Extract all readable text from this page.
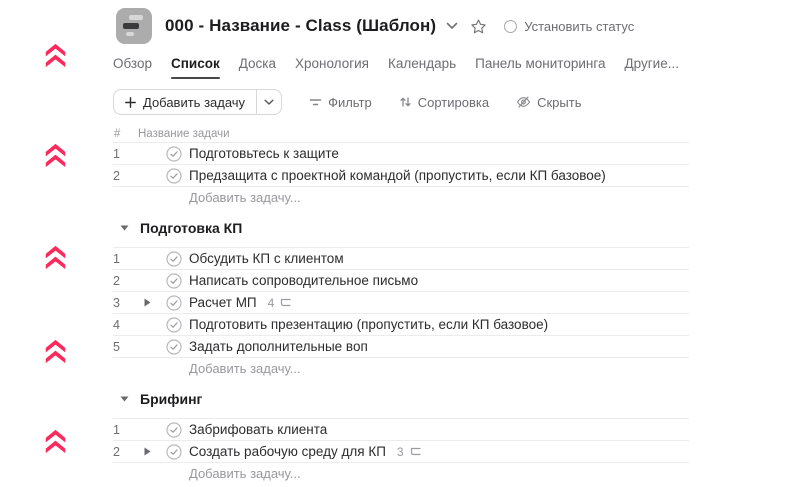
000 - Название - Class (Шаблон)	Установить статус
Обзор Список Доска Хронология Календарь Панель мониторинга Другие...
Добавить задачу	Фильтр	Сортировка	Скрыть
#	Название задачи
1	Подготовьтесь к защите
2	Предзащита с проектной командой (пропустить, если КП базовое)
Добавить задачу...
Подготовка КП
1	Обсудить КП с клиентом
2	Написать сопроводительное письмо
3	Расчет МП 4
4	Подготовить презентацию (пропустить, если КП базовое)
5	Задать дополнительные воп
Добавить задачу...
Брифинг
1	Забрифовать клиента
2	Создать рабочую среду для КП 3
Добавить задачу...
